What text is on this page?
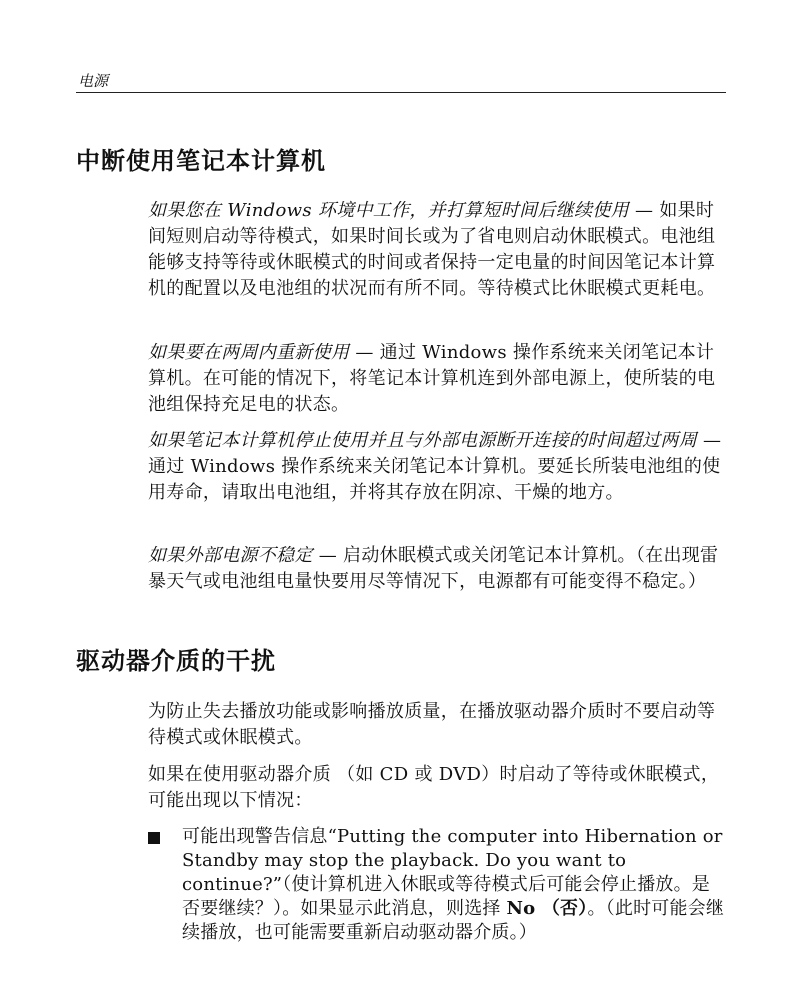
电源
中断使用笔记本计算机

如果您在 Windows 环境中工作，并打算短时间后继续使用 — 如果时间短则启动等待模式，如果时间长或为了省电则启动休眠模式。电池组能够支持等待或休眠模式的时间或者保持一定电量的时间因笔记本计算机的配置以及电池组的状况而有所不同。等待模式比休眠模式更耗电。

如果要在两周内重新使用 — 通过 Windows 操作系统来关闭笔记本计算机。在可能的情况下，将笔记本计算机连到外部电源上，使所装的电池组保持充足电的状态。

如果笔记本计算机停止使用并且与外部电源断开连接的时间超过两周 — 通过 Windows 操作系统来关闭笔记本计算机。要延长所装电池组的使用寿命，请取出电池组，并将其存放在阴凉、干燥的地方。

如果外部电源不稳定 — 启动休眠模式或关闭笔记本计算机。（在出现雷暴天气或电池组电量快要用尽等情况下，电源都有可能变得不稳定。）

驱动器介质的干扰

为防止失去播放功能或影响播放质量，在播放驱动器介质时不要启动等待模式或休眠模式。

如果在使用驱动器介质 （如 CD 或 DVD）时启动了等待或休眠模式，可能出现以下情况：

可能出现警告信息“Putting the computer into Hibernation or Standby may stop the playback. Do you want to continue?”（使计算机进入休眠或等待模式后可能会停止播放。是否要继续？）。如果显示此消息，则选择 No （否）。（此时可能会继续播放，也可能需要重新启动驱动器介质。）
